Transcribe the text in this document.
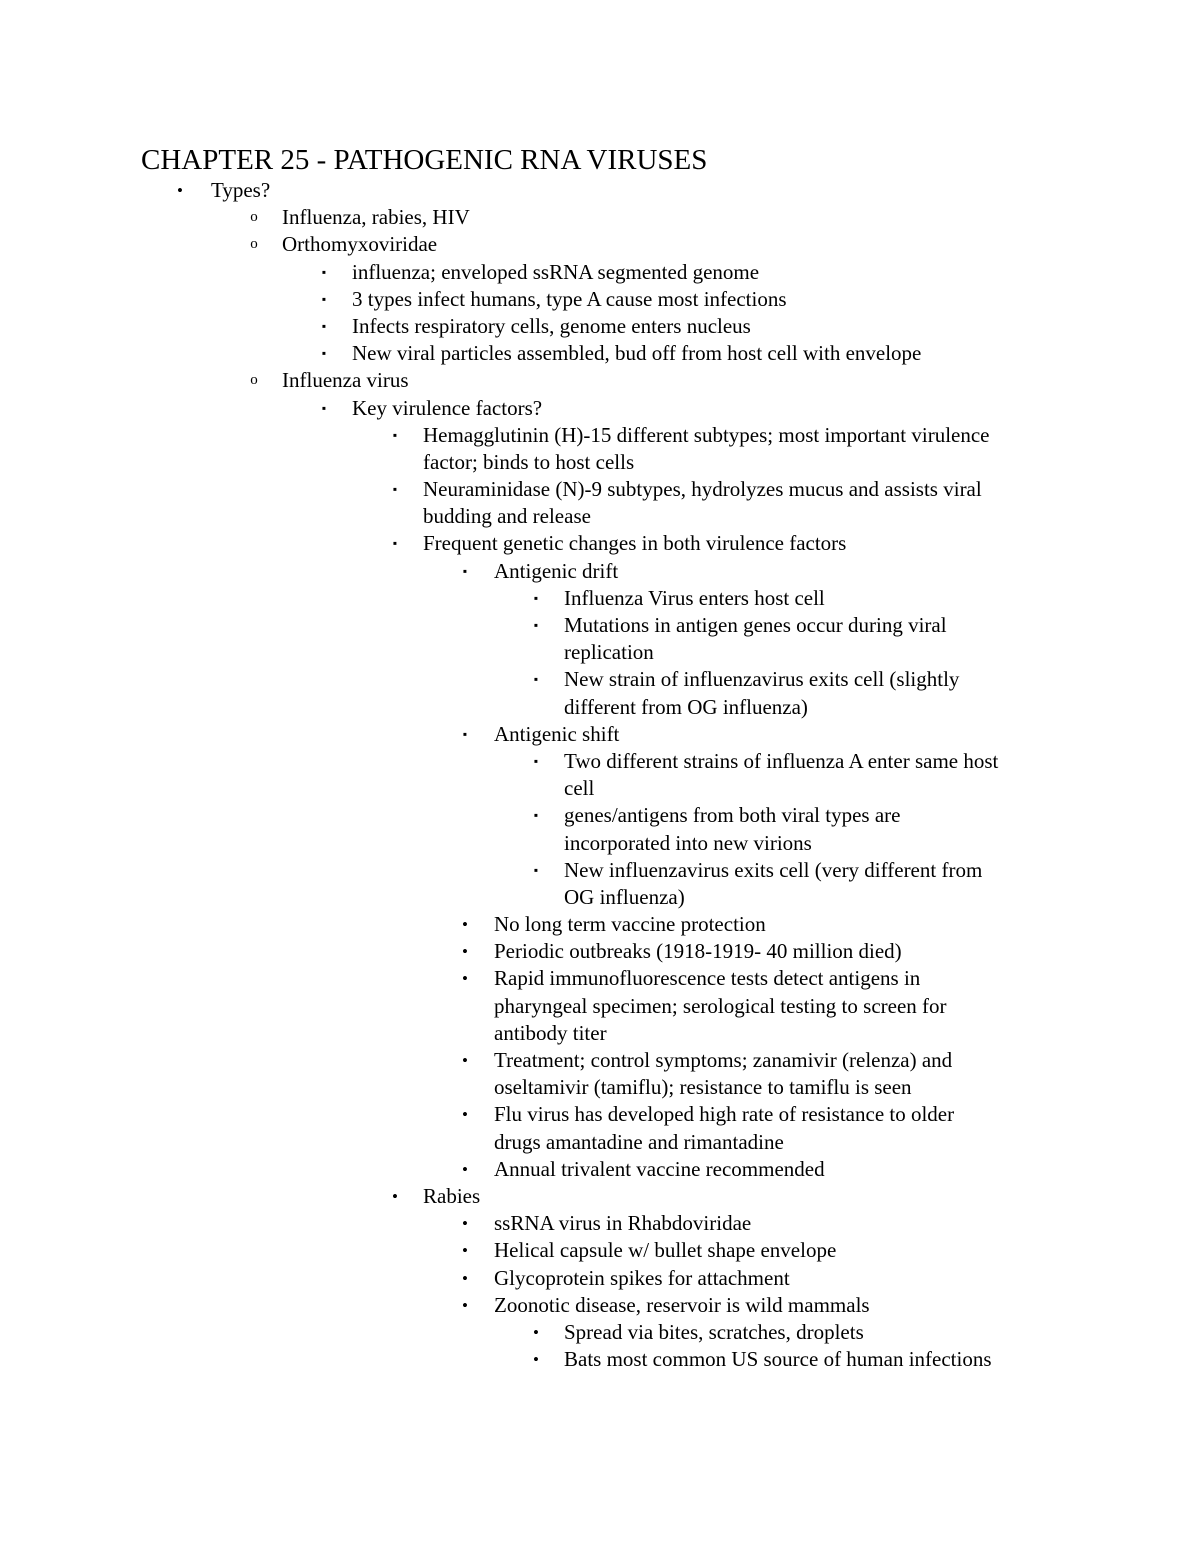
CHAPTER 25 - PATHOGENIC RNA VIRUSES
•	Types?
o Influenza, rabies, HIV
o Orthomyxoviridae
▪	influenza; enveloped ssRNA segmented genome
▪	3 types infect humans, type A cause most infections
▪	Infects respiratory cells, genome enters nucleus
▪	New viral particles assembled, bud off from host cell with envelope
o Influenza virus
▪	Key virulence factors?
▪	Hemagglutinin (H)-15 different subtypes; most important virulence
factor; binds to host cells
▪	Neuraminidase (N)-9 subtypes, hydrolyzes mucus and assists viral
budding and release
▪	Frequent genetic changes in both virulence factors
▪	Antigenic drift
▪	Influenza Virus enters host cell
▪	Mutations in antigen genes occur during viral
replication
▪	New strain of influenzavirus exits cell (slightly
different from OG influenza)
▪	Antigenic shift
▪	Two different strains of influenza A enter same host
cell
▪	genes/antigens from both viral types are
incorporated into new virions
▪	New influenzavirus exits cell (very different from
OG influenza)
•	No long term vaccine protection
•	Periodic outbreaks (1918-1919- 40 million died)
•	Rapid immunofluorescence tests detect antigens in
pharyngeal specimen; serological testing to screen for
antibody titer
•	Treatment; control symptoms; zanamivir (relenza) and
oseltamivir (tamiflu); resistance to tamiflu is seen
•	Flu virus has developed high rate of resistance to older
drugs amantadine and rimantadine
•	Annual trivalent vaccine recommended
•	Rabies
•	ssRNA virus in Rhabdoviridae
•	Helical capsule w/ bullet shape envelope
•	Glycoprotein spikes for attachment
•	Zoonotic disease, reservoir is wild mammals
•	Spread via bites, scratches, droplets
•	Bats most common US source of human infections
